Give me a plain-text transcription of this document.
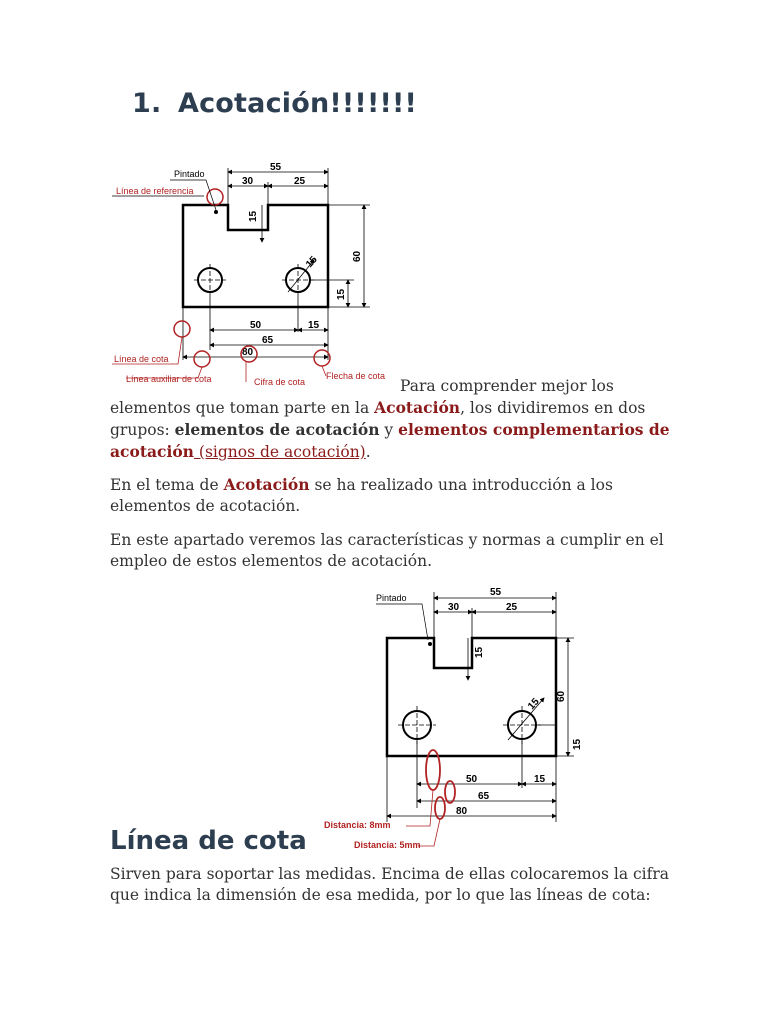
1. Acotación!!!!!!!
55
30	25
15
60
15
15
50	15
65
80
Pintado
Línea de referencia
Línea de cota
Línea auxiliar de cota	Cifra de cota
Flecha de cota

Para comprender mejor los elementos que toman parte en la Acotación, los dividiremos en dos grupos: elementos de acotación y elementos complementarios de acotación (signos de acotación).

En el tema de Acotación se ha realizado una introducción a los elementos de acotación.

En este apartado veremos las características y normas a cumplir en el empleo de estos elementos de acotación.

55
30	25
15
60
15
15
50	15
65
80
Pintado
Distancia: 8mm
Distancia: 5mm
Línea de cota

Sirven para soportar las medidas. Encima de ellas colocaremos la cifra que indica la dimensión de esa medida, por lo que las líneas de cota:
